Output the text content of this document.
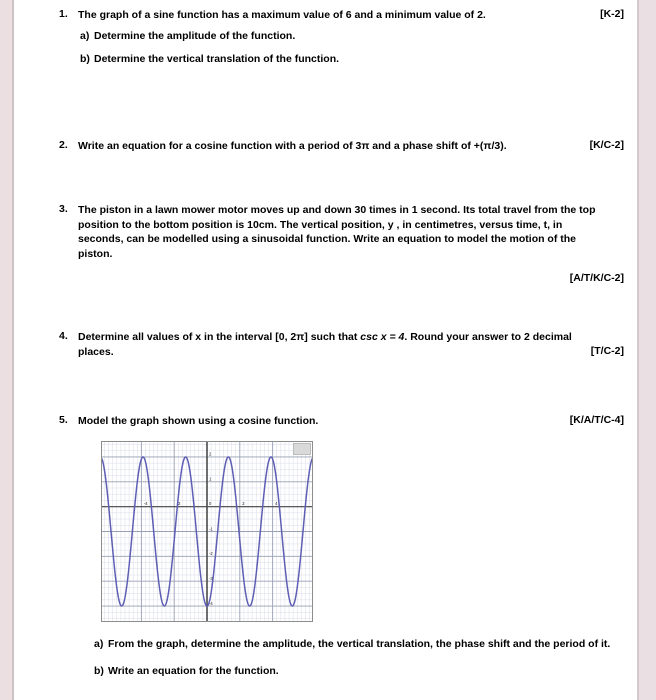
1. The graph of a sine function has a maximum value of 6 and a minimum value of 2.	[K-2]
a) Determine the amplitude of the function.
b) Determine the vertical translation of the function.
2. Write an equation for a cosine function with a period of 3π and a phase shift of +(π/3).	[K/C-2]
3. The piston in a lawn mower motor moves up and down 30 times in 1 second. Its total travel from the top position to the bottom position is 10cm. The vertical position, y , in centimetres, versus time, t, in seconds, can be modelled using a sinusoidal function. Write an equation to model the motion of the piston.
[A/T/K/C-2]
4. Determine all values of x in the interval [0, 2π] such that csc x = 4. Round your answer to 2 decimal places.	[T/C-2]
5. Model the graph shown using a cosine function.	[K/A/T/C-4]
a) From the graph, determine the amplitude, the vertical translation, the phase shift and the period of it.
b) Write an equation for the function.
-4	-2	2	4
2
1
0
-1
-2
-3
-4
